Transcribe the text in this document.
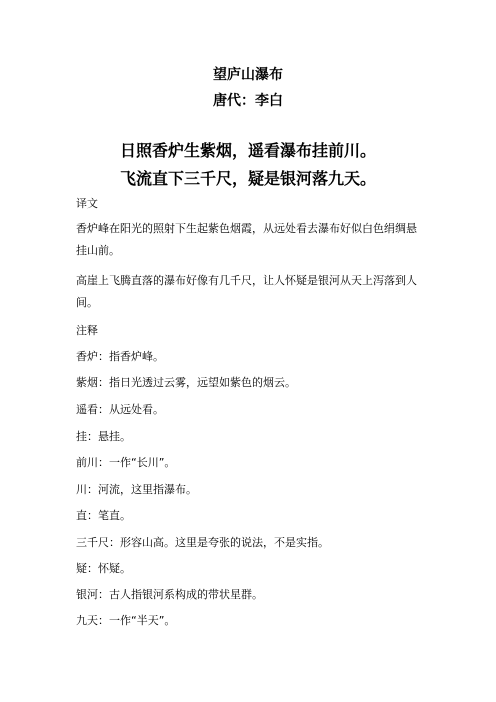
望庐山瀑布
唐代：李白
日照香炉生紫烟，遥看瀑布挂前川。
飞流直下三千尺，疑是银河落九天。
译文
香炉峰在阳光的照射下生起紫色烟霞，从远处看去瀑布好似白色绢绸悬挂山前。
高崖上飞腾直落的瀑布好像有几千尺，让人怀疑是银河从天上泻落到人间。
注释
香炉：指香炉峰。
紫烟：指日光透过云雾，远望如紫色的烟云。
遥看：从远处看。
挂：悬挂。
前川：一作“长川”。
川：河流，这里指瀑布。
直：笔直。
三千尺：形容山高。这里是夸张的说法，不是实指。
疑：怀疑。
银河：古人指银河系构成的带状星群。
九天：一作“半天”。
